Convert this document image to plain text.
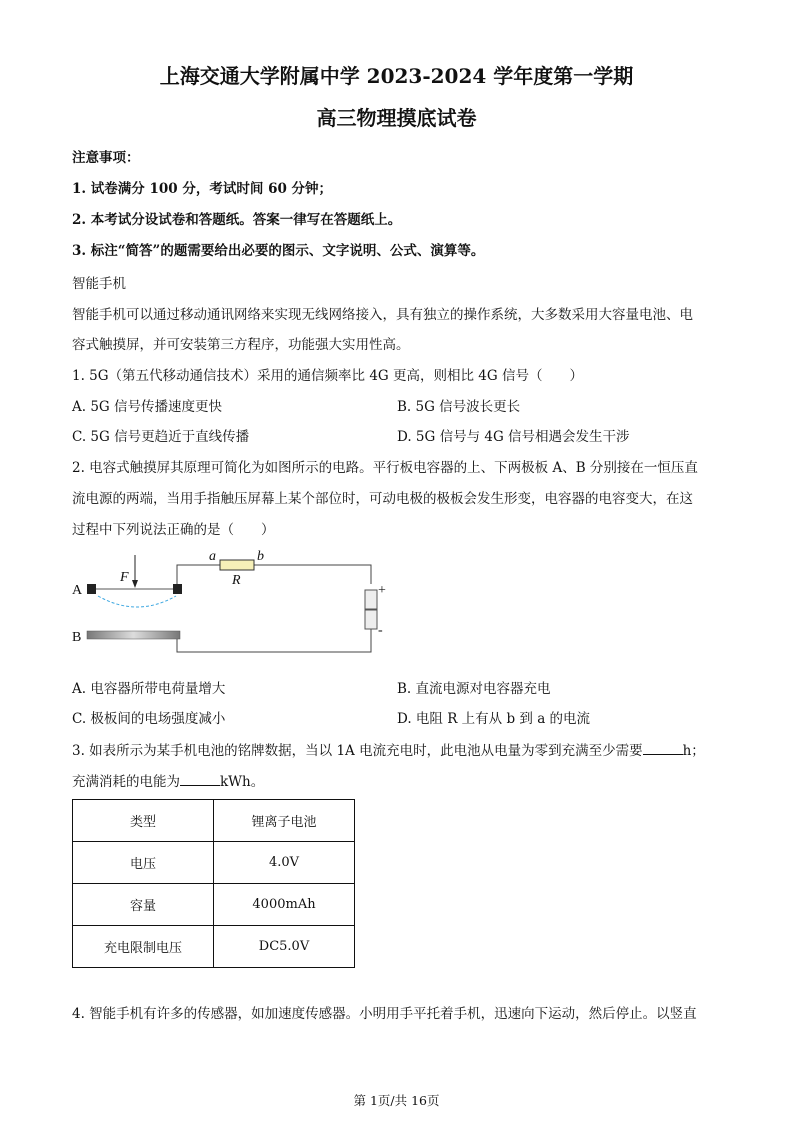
上海交通大学附属中学 2023-2024 学年度第一学期
高三物理摸底试卷
注意事项：
1. 试卷满分 100 分，考试时间 60 分钟；
2. 本考试分设试卷和答题纸。答案一律写在答题纸上。
3. 标注“简答”的题需要给出必要的图示、文字说明、公式、演算等。
智能手机
智能手机可以通过移动通讯网络来实现无线网络接入，具有独立的操作系统，大多数采用大容量电池、电
容式触摸屏，并可安装第三方程序，功能强大实用性高。
1. 5G（第五代移动通信技术）采用的通信频率比 4G 更高，则相比 4G 信号（　　）
A. 5G 信号传播速度更快	B. 5G 信号波长更长
C. 5G 信号更趋近于直线传播	D. 5G 信号与 4G 信号相遇会发生干涉
2. 电容式触摸屏其原理可简化为如图所示的电路。平行板电容器的上、下两极板 A、B 分别接在一恒压直
流电源的两端，当用手指触压屏幕上某个部位时，可动电极的极板会发生形变，电容器的电容变大，在这
过程中下列说法正确的是（　　）
a	b
R
F
A
B
+
-
A. 电容器所带电荷量增大	B. 直流电源对电容器充电
C. 极板间的电场强度减小	D. 电阻 R 上有从 b 到 a 的电流
3. 如表所示为某手机电池的铭牌数据，当以 1A 电流充电时，此电池从电量为零到充满至少需要	h；
充满消耗的电能为	kWh。
类型	锂离子电池
电压	4.0V
容量	4000mAh
充电限制电压	DC5.0V
4. 智能手机有许多的传感器，如加速度传感器。小明用手平托着手机，迅速向下运动，然后停止。以竖直
第 1页/共 16页
